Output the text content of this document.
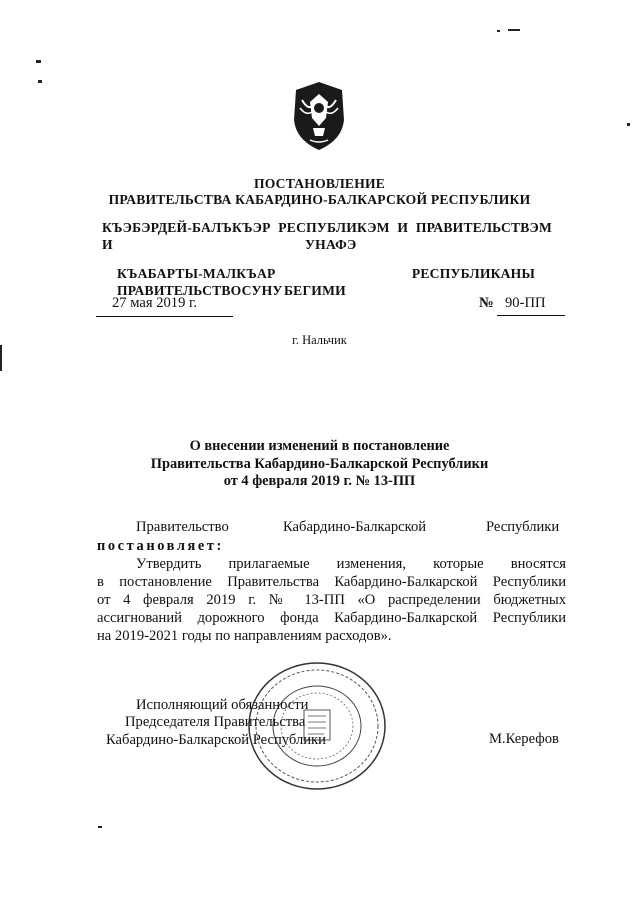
ПОСТАНОВЛЕНИЕ
ПРАВИТЕЛЬСТВА КАБАРДИНО-БАЛКАРСКОЙ РЕСПУБЛИКИ
КЪЭБЭРДЕЙ-БАЛЪКЪЭР РЕСПУБЛИКЭМ И ПРАВИТЕЛЬСТВЭМ И	УНАФЭ
КЪАБАРТЫ-МАЛКЪАР РЕСПУБЛИКАНЫ ПРАВИТЕЛЬСТВОСУНУ БЕГИМИ
27 мая 2019 г.	№ 90-ПП
г. Нальчик
О внесении изменений в постановление
Правительства Кабардино-Балкарской Республики
от 4 февраля 2019 г. № 13-ПП
Правительство	Кабардино-Балкарской	Республики
постановляет:
Утвердить прилагаемые изменения, которые вносятся
в постановление Правительства Кабардино-Балкарской Республики
от 4 февраля 2019 г. № 13-ПП «О распределении бюджетных
ассигнований дорожного фонда Кабардино-Балкарской Республики
на 2019-2021 годы по направлениям расходов».
Исполняющий обязанности
Председателя Правительства
Кабардино-Балкарской Республики	М.Керефов
